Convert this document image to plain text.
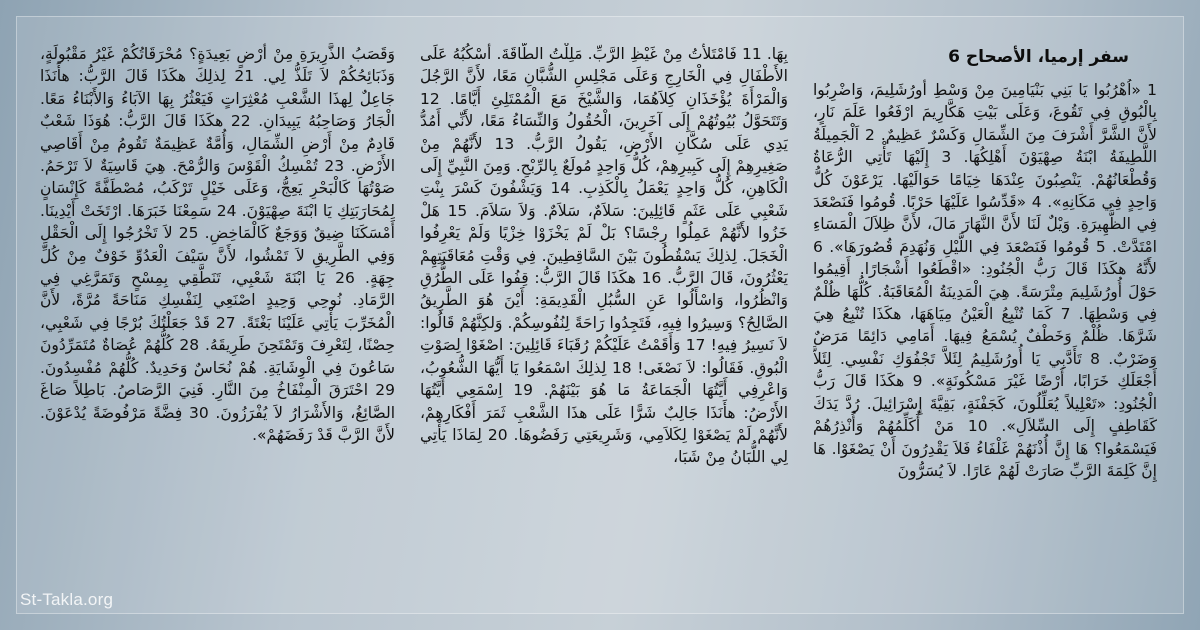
سفر إرميا، الأصحاح 6
1 «اُهْرُبُوا يَا بَنِي بَنْيَامِينَ مِنْ وَسْطِ أُورُشَلِيمَ، وَاضْرِبُوا بِالْبُوقِ فِي تَقُوعَ، وَعَلَى بَيْتِ هَكَّارِيمَ ارْفَعُوا عَلَمَ نَارٍ، لأَنَّ الشَّرَّ أَشْرَفَ مِنَ الشِّمَالِ وَكَسْرٌ عَظِيمٌ. 2 اَلْجَمِيلَةُ اللَّطِيفَةُ ابْنَةُ صِهْيَوْنَ أَهْلِكُهَا. 3 إِلَيْهَا تَأْتِي الرُّعَاةُ وَقُطْعَانُهُمْ. يَنْصِبُونَ عِنْدَهَا خِيَامًا حَوَالَيْهَا. يَرْعَوْنَ كُلُّ وَاحِدٍ فِي مَكَانِهِ». 4 «قَدِّسُوا عَلَيْهَا حَرْبًا. قُومُوا فَنَصْعَدَ فِي الظَّهِيرَةِ. وَيْلٌ لَنَا لأَنَّ النَّهَارَ مَالَ، لأَنَّ ظِلاَلَ الْمَسَاءِ امْتَدَّتْ. 5 قُومُوا فَنَصْعَدَ فِي اللَّيْلِ وَنُهَدِمَ قُصُورَهَا». 6 لأَنَّهُ هكَذَا قَالَ رَبُّ الْجُنُودِ: «اقْطَعُوا أَشْجَارًا. أَقِيمُوا حَوْلَ أُورُشَلِيمَ مِتْرَسَةً. هِيَ الْمَدِينَةُ الْمُعَاقَبَةُ. كُلُّهَا ظُلْمٌ فِي وَسْطِهَا. 7 كَمَا تُنْبِعُ الْعَيْنُ مِيَاهَهَا، هكَذَا تُنْبِعُ هِيَ شَرَّهَا. ظُلْمٌ وَخَطْفٌ يُسْمَعُ فِيهَا. أَمَامِي دَائِمًا مَرَضٌ وَضَرْبٌ. 8 تَأَدَّبِي يَا أُورُشَلِيمُ لِئَلاَّ تَجْفُوَكِ نَفْسِي. لِئَلاَّ أَجْعَلَكِ خَرَابًا، أَرْضًا غَيْرَ مَسْكُونَةٍ». 9 هكَذَا قَالَ رَبُّ الْجُنُودِ: «تَعْلِيلاً يُعَلِّلُونَ، كَجَفْنَةٍ، بَقِيَّةَ إِسْرَائِيلَ. رُدَّ يَدَكَ كَقَاطِفٍ إِلَى السِّلاَلِ». 10 مَنْ أُكَلِّمُهُمْ وَأُنْذِرُهُمْ فَيَسْمَعُوا؟ هَا إِنَّ أُذْنَهُمْ غَلْفَاءُ فَلاَ يَقْدِرُونَ أَنْ يَصْغَوْا. هَا إِنَّ كَلِمَةَ الرَّبِّ صَارَتْ لَهُمْ عَارًا. لاَ يُسَرُّونَ
بِهَا. 11 فَامْتَلأْتُ مِنْ غَيْظِ الرَّبِّ. مَلِلْتُ الطَّاقَةَ. أُسْكُبُهُ عَلَى الأَطْفَالِ فِي الْخَارِجِ وَعَلَى مَجْلِسِ الشُّبَّانِ مَعًا، لأَنَّ الرَّجُلَ وَالْمَرْأَةَ يُؤْخَذَانِ كِلاَهُمَا، وَالشَّيْخَ مَعَ الْمُمْتَلِئِ أَيَّامًا. 12 وَتَتَحَوَّلُ بُيُوتُهُمْ إِلَى آخَرِينَ، الْحُقُولُ وَالنِّسَاءُ مَعًا، لأَنِّي أَمُدُّ يَدِي عَلَى سُكَّانِ الأَرْضِ، يَقُولُ الرَّبُّ. 13 لأَنَّهُمْ مِنْ صَغِيرِهِمْ إِلَى كَبِيرِهِمْ، كُلُّ وَاحِدٍ مُولَعٌ بِالرِّبْحِ. وَمِنَ النَّبِيِّ إِلَى الْكَاهِنِ، كُلُّ وَاحِدٍ يَعْمَلُ بِالْكَذِبِ. 14 وَيَشْفُونَ كَسْرَ بِنْتِ شَعْبِي عَلَى عَثَمٍ قَائِلِينَ: سَلاَمٌ، سَلاَمٌ. وَلاَ سَلاَمَ. 15 هَلْ خَزُوا لأَنَّهُمْ عَمِلُوا رِجْسًا؟ بَلْ لَمْ يَخْزَوْا خِزْيًا وَلَمْ يَعْرِفُوا الْخَجَلَ. لِذلِكَ يَسْقُطُونَ بَيْنَ السَّاقِطِينَ. فِي وَقْتِ مُعَاقَبَتِهِمْ يَعْثُرُونَ، قَالَ الرَّبُّ. 16 هكَذَا قَالَ الرَّبُّ: قِفُوا عَلَى الطُّرُقِ وَانْظُرُوا، وَاسْأَلُوا عَنِ السُّبُلِ الْقَدِيمَةِ: أَيْنَ هُوَ الطَّرِيقُ الصَّالِحُ؟ وَسِيرُوا فِيهِ، فَتَجِدُوا رَاحَةً لِنُفُوسِكُمْ. وَلكِنَّهُمْ قَالُوا: لاَ نَسِيرُ فِيهِ! 17 وَأَقَمْتُ عَلَيْكُمْ رُقَبَاءَ قَائِلِينَ: اصْغَوْا لِصَوْتِ الْبُوقِ. فَقَالُوا: لاَ نَصْغَى! 18 لِذلِكَ اسْمَعُوا يَا أَيُّهَا الشُّعُوبُ، وَاعْرِفِي أَيَّتُهَا الْجَمَاعَةُ مَا هُوَ بَيْنَهُمْ. 19 اِسْمَعِي أَيَّتُهَا الأَرْضُ: هأَنَذَا جَالِبٌ شَرًّا عَلَى هذَا الشَّعْبِ ثَمَرَ أَفْكَارِهِمْ، لأَنَّهُمْ لَمْ يَصْغَوْا لِكَلاَمِي، وَشَرِيعَتِي رَفَضُوهَا. 20 لِمَاذَا يَأْتِي لِي اللُّبَانُ مِنْ شَبَا،
وَقَصَبُ الذَّرِيرَةِ مِنْ أَرْضٍ بَعِيدَةٍ؟ مُحْرَقَاتُكُمْ غَيْرُ مَقْبُولَةٍ، وَذَبَائِحُكُمْ لاَ تَلَذُّ لِي. 21 لِذلِكَ هكَذَا قَالَ الرَّبُّ: هأَنَذَا جَاعِلٌ لِهذَا الشَّعْبِ مُعْثِرَاتٍ فَيَعْثُرُ بِهَا الآبَاءُ وَالأَبْنَاءُ مَعًا. الْجَارُ وَصَاحِبُهُ يَبِيدَانِ. 22 هكَذَا قَالَ الرَّبُّ: هُوَذَا شَعْبٌ قَادِمٌ مِنْ أَرْضِ الشِّمَالِ، وَأُمَّةٌ عَظِيمَةٌ تَقُومُ مِنْ أَقَاصِي الأَرْضِ. 23 تُمْسِكُ الْقَوْسَ وَالرُّمْحَ. هِيَ قَاسِيَةٌ لاَ تَرْحَمُ. صَوْتُهَا كَالْبَحْرِ يَعِجُّ، وَعَلَى خَيْلٍ تَرْكَبُ، مُصْطَفَّةً كَإِنْسَانٍ لِمُحَارَبَتِكِ يَا ابْنَةَ صِهْيَوْنَ. 24 سَمِعْنَا خَبَرَهَا. ارْتَخَتْ أَيْدِينَا. أَمْسَكَنَا ضِيقٌ وَوَجَعٌ كَالْمَاخِضِ. 25 لاَ تَخْرُجُوا إِلَى الْحَقْلِ وَفِي الطَّرِيقِ لاَ تَمْشُوا، لأَنَّ سَيْفَ الْعَدُوِّ خَوْفٌ مِنْ كُلِّ جِهَةٍ. 26 يَا ابْنَةَ شَعْبِي، تَنَطَّقِي بِمِسْحٍ وَتَمَرَّغِي فِي الرَّمَادِ. نُوحِي وَحِيدٍ اصْنَعِي لِنَفْسِكِ مَنَاحَةً مُرَّةً، لأَنَّ الْمُخَرِّبَ يَأْتِي عَلَيْنَا بَغْتَةً. 27 قَدْ جَعَلْتُكَ بُرْجًا فِي شَعْبِي، حِصْنًا، لِتَعْرِفَ وَتَمْتَحِنَ طَرِيقَهُ. 28 كُلُّهُمْ عُصَاةٌ مُتَمَرِّدُونَ سَاعُونَ فِي الْوِشَايَةِ. هُمْ نُحَاسٌ وَحَدِيدٌ. كُلُّهُمْ مُفْسِدُونَ. 29 احْتَرَقَ الْمِنْفَاخُ مِنَ النَّارِ. فَنِيَ الرَّصَاصُ. بَاطِلاً صَاغَ الصَّائِغُ، وَالأَشْرَارُ لاَ يُفْرَزُونَ. 30 فِضَّةً مَرْفُوضَةً يُدْعَوْنَ. لأَنَّ الرَّبَّ قَدْ رَفَضَهُمْ».
St-Takla.org
